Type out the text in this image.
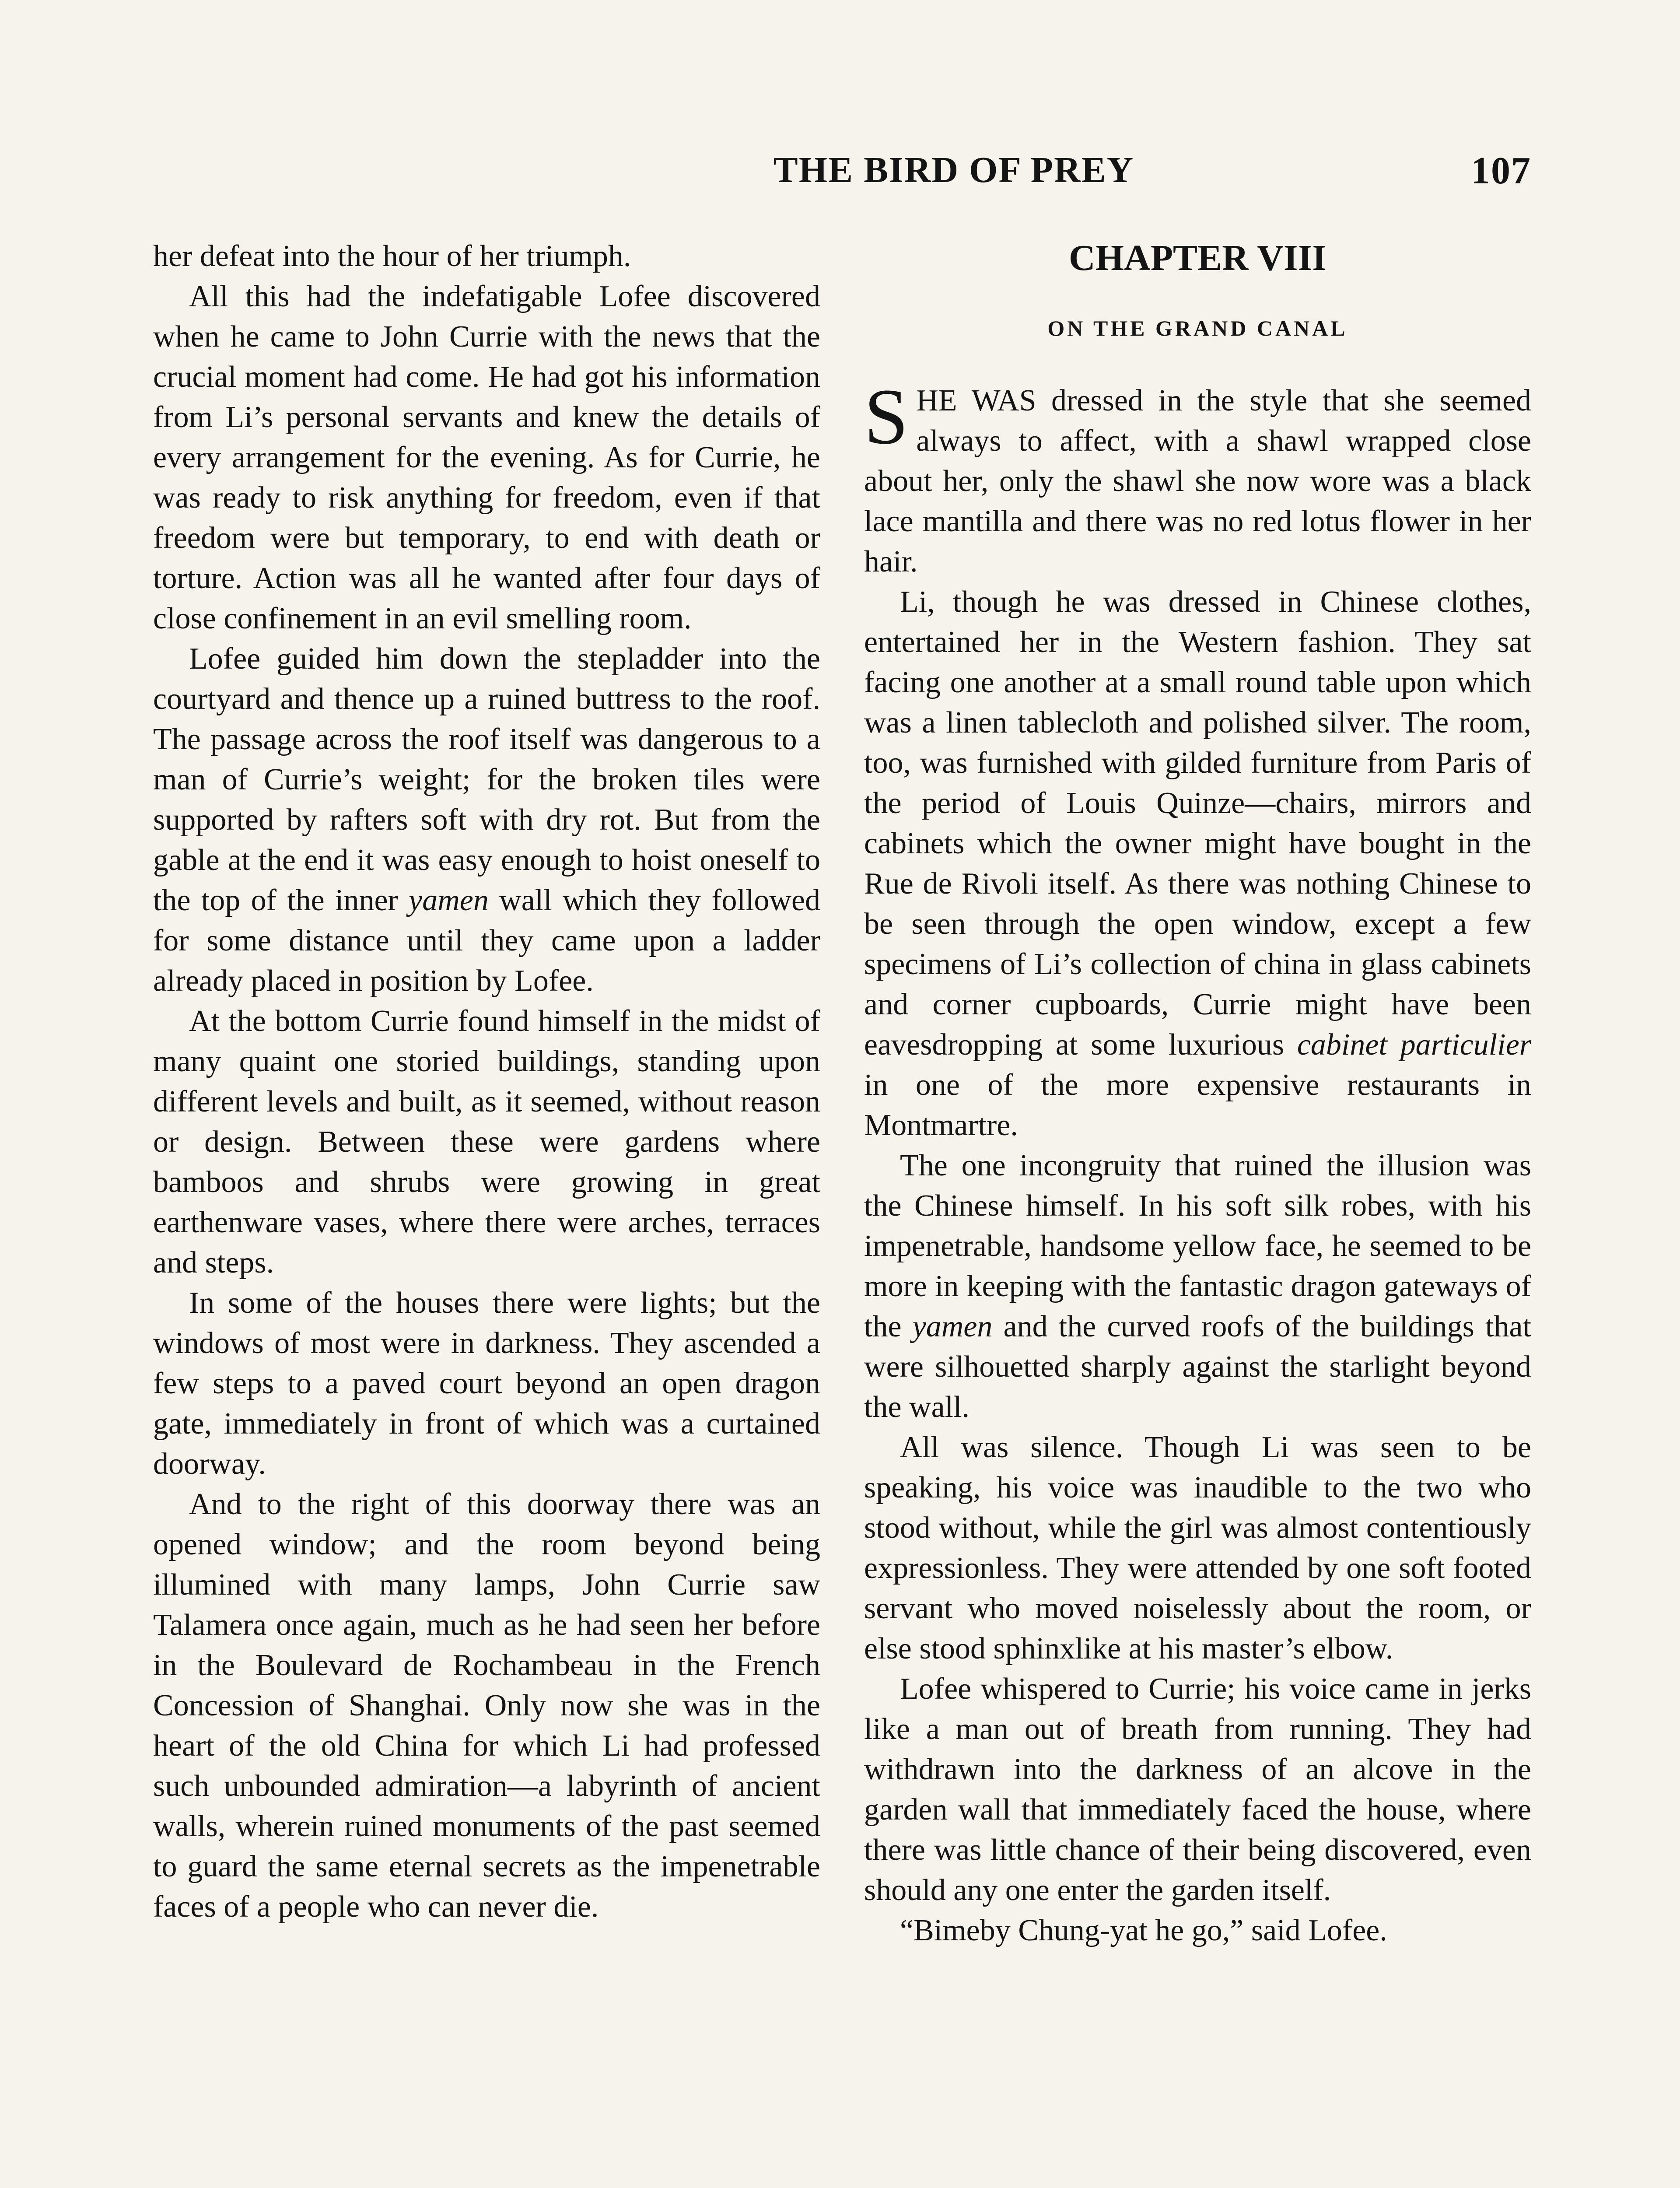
THE BIRD OF PREY	107

her defeat into the hour of her triumph.

All this had the indefatigable Lofee discovered when he came to John Currie with the news that the crucial moment had come. He had got his information from Li’s personal servants and knew the details of every arrangement for the evening. As for Currie, he was ready to risk anything for freedom, even if that freedom were but temporary, to end with death or torture. Action was all he wanted after four days of close confinement in an evil smelling room.

Lofee guided him down the stepladder into the courtyard and thence up a ruined buttress to the roof. The passage across the roof itself was dangerous to a man of Currie’s weight; for the broken tiles were supported by rafters soft with dry rot. But from the gable at the end it was easy enough to hoist oneself to the top of the inner yamen wall which they followed for some distance until they came upon a ladder already placed in position by Lofee.

At the bottom Currie found himself in the midst of many quaint one storied buildings, standing upon different levels and built, as it seemed, without reason or design. Between these were gardens where bamboos and shrubs were growing in great earthenware vases, where there were arches, terraces and steps.

In some of the houses there were lights; but the windows of most were in darkness. They ascended a few steps to a paved court beyond an open dragon gate, immediately in front of which was a curtained doorway.

And to the right of this doorway there was an opened window; and the room beyond being illumined with many lamps, John Currie saw Talamera once again, much as he had seen her before in the Boulevard de Rochambeau in the French Concession of Shanghai. Only now she was in the heart of the old China for which Li had professed such unbounded admiration—a labyrinth of ancient walls, wherein ruined monuments of the past seemed to guard the same eternal secrets as the impenetrable faces of a people who can never die.

CHAPTER VIII
ON THE GRAND CANAL

SHE WAS dressed in the style that she seemed always to affect, with a shawl wrapped close about her, only the shawl she now wore was a black lace mantilla and there was no red lotus flower in her hair.

Li, though he was dressed in Chinese clothes, entertained her in the Western fashion. They sat facing one another at a small round table upon which was a linen tablecloth and polished silver. The room, too, was furnished with gilded furniture from Paris of the period of Louis Quinze—chairs, mirrors and cabinets which the owner might have bought in the Rue de Rivoli itself. As there was nothing Chinese to be seen through the open window, except a few specimens of Li’s collection of china in glass cabinets and corner cupboards, Currie might have been eavesdropping at some luxurious cabinet particulier in one of the more expensive restaurants in Montmartre.

The one incongruity that ruined the illusion was the Chinese himself. In his soft silk robes, with his impenetrable, handsome yellow face, he seemed to be more in keeping with the fantastic dragon gateways of the yamen and the curved roofs of the buildings that were silhouetted sharply against the starlight beyond the wall.

All was silence. Though Li was seen to be speaking, his voice was inaudible to the two who stood without, while the girl was almost contentiously expressionless. They were attended by one soft footed servant who moved noiselessly about the room, or else stood sphinxlike at his master’s elbow.

Lofee whispered to Currie; his voice came in jerks like a man out of breath from running. They had withdrawn into the darkness of an alcove in the garden wall that immediately faced the house, where there was little chance of their being discovered, even should any one enter the garden itself.

“Bimeby Chung-yat he go,” said Lofee.
